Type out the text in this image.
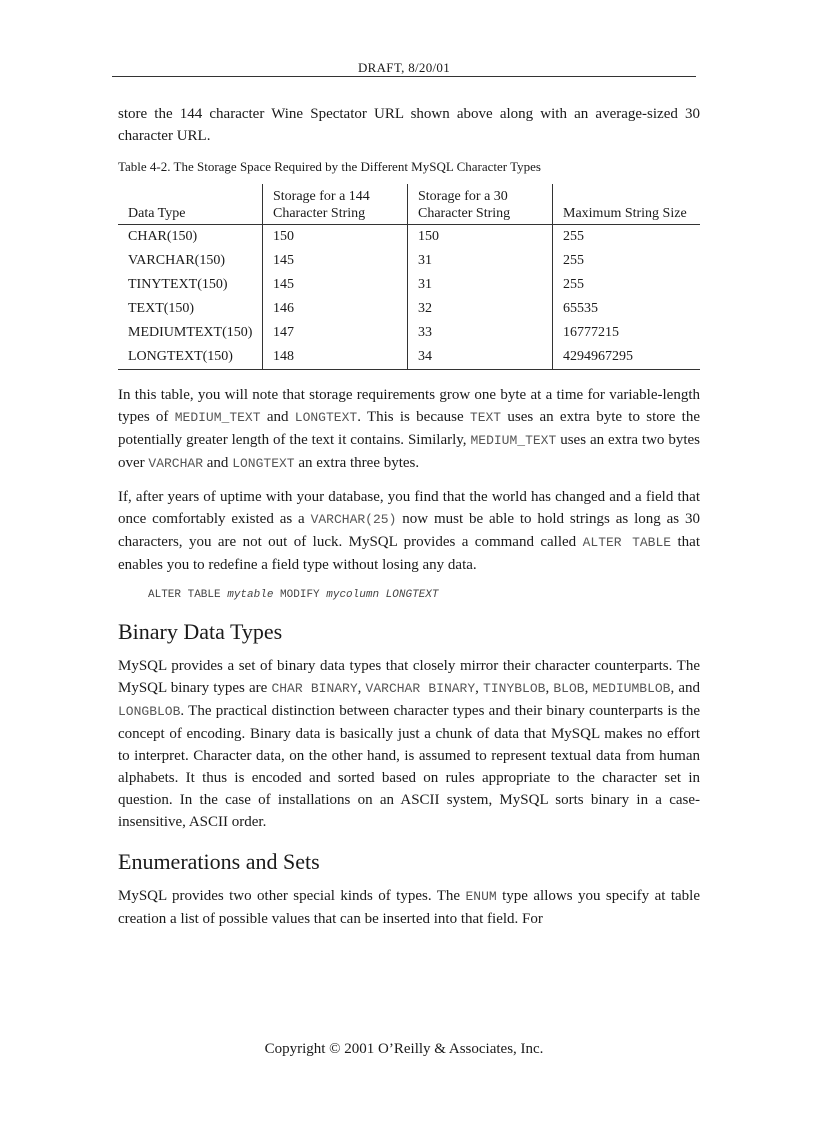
DRAFT, 8/20/01

store the 144 character Wine Spectator URL shown above along with an average-sized 30 character URL.

Table 4-2. The Storage Space Required by the Different MySQL Character Types
Data Type	Storage for a 144 Character String	Storage for a 30 Character String	Maximum String Size
CHAR(150)	150	150	255
VARCHAR(150)	145	31	255
TINYTEXT(150)	145	31	255
TEXT(150)	146	32	65535
MEDIUMTEXT(150)	147	33	16777215
LONGTEXT(150)	148	34	4294967295

In this table, you will note that storage requirements grow one byte at a time for variable-length types of MEDIUM_TEXT and LONGTEXT. This is because TEXT uses an extra byte to store the potentially greater length of the text it contains. Similarly, MEDIUM_TEXT uses an extra two bytes over VARCHAR and LONGTEXT an extra three bytes.

If, after years of uptime with your database, you find that the world has changed and a field that once comfortably existed as a VARCHAR(25) now must be able to hold strings as long as 30 characters, you are not out of luck. MySQL provides a command called ALTER TABLE that enables you to redefine a field type without losing any data.

ALTER TABLE mytable MODIFY mycolumn LONGTEXT
Binary Data Types

MySQL provides a set of binary data types that closely mirror their character counterparts. The MySQL binary types are CHAR BINARY, VARCHAR BINARY, TINYBLOB, BLOB, MEDIUMBLOB, and LONGBLOB. The practical distinction between character types and their binary counterparts is the concept of encoding. Binary data is basically just a chunk of data that MySQL makes no effort to interpret. Character data, on the other hand, is assumed to represent textual data from human alphabets. It thus is encoded and sorted based on rules appropriate to the character set in question. In the case of installations on an ASCII system, MySQL sorts binary in a case-insensitive, ASCII order.

Enumerations and Sets

MySQL provides two other special kinds of types. The ENUM type allows you specify at table creation a list of possible values that can be inserted into that field. For

Copyright © 2001 O’Reilly & Associates, Inc.
